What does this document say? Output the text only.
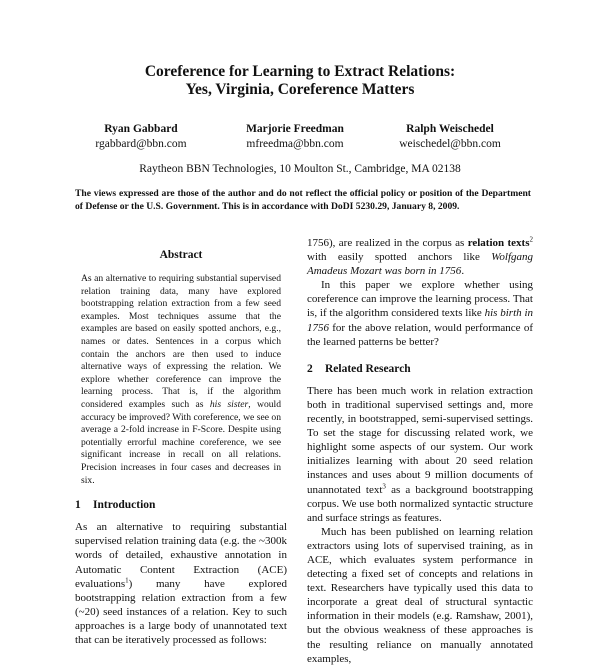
Coreference for Learning to Extract Relations:
Yes, Virginia, Coreference Matters
Ryan Gabbard
rgabbard@bbn.com
Marjorie Freedman
mfreedma@bbn.com
Ralph Weischedel
weischedel@bbn.com
Raytheon BBN Technologies, 10 Moulton St., Cambridge, MA 02138
The views expressed are those of the author and do not reflect the official policy or position of the Department of Defense or the U.S. Government. This is in accordance with DoDI 5230.29, January 8, 2009.
Abstract

As an alternative to requiring substantial supervised relation training data, many have explored bootstrapping relation extraction from a few seed examples. Most techniques assume that the examples are based on easily spotted anchors, e.g., names or dates. Sentences in a corpus which contain the anchors are then used to induce alternative ways of expressing the relation. We explore whether coreference can improve the learning process. That is, if the algorithm considered examples such as his sister, would accuracy be improved? With coreference, we see on average a 2-fold increase in F-Score. Despite using potentially errorful machine coreference, we see significant increase in recall on all relations. Precision increases in four cases and decreases in six.

1 Introduction

As an alternative to requiring substantial supervised relation training data (e.g. the ~300k words of detailed, exhaustive annotation in Automatic Content Extraction (ACE) evaluations$^1$) many have explored bootstrapping relation extraction from a few (~20) seed instances of a relation. Key to such approaches is a large body of unannotated text that can be iteratively processed as follows:

1756), are realized in the corpus as relation texts$^2$ with easily spotted anchors like Wolfgang Amadeus Mozart was born in 1756.

In this paper we explore whether using coreference can improve the learning process. That is, if the algorithm considered texts like his birth in 1756 for the above relation, would performance of the learned patterns be better?

2 Related Research

There has been much work in relation extraction both in traditional supervised settings and, more recently, in bootstrapped, semi-supervised settings. To set the stage for discussing related work, we highlight some aspects of our system. Our work initializes learning with about 20 seed relation instances and uses about 9 million documents of unannotated text$^3$ as a background bootstrapping corpus. We use both normalized syntactic structure and surface strings as features.

Much has been published on learning relation extractors using lots of supervised training, as in ACE, which evaluates system performance in detecting a fixed set of concepts and relations in text. Researchers have typically used this data to incorporate a great deal of structural syntactic information in their models (e.g. Ramshaw, 2001), but the obvious weakness of these approaches is the resulting reliance on manually annotated examples,
